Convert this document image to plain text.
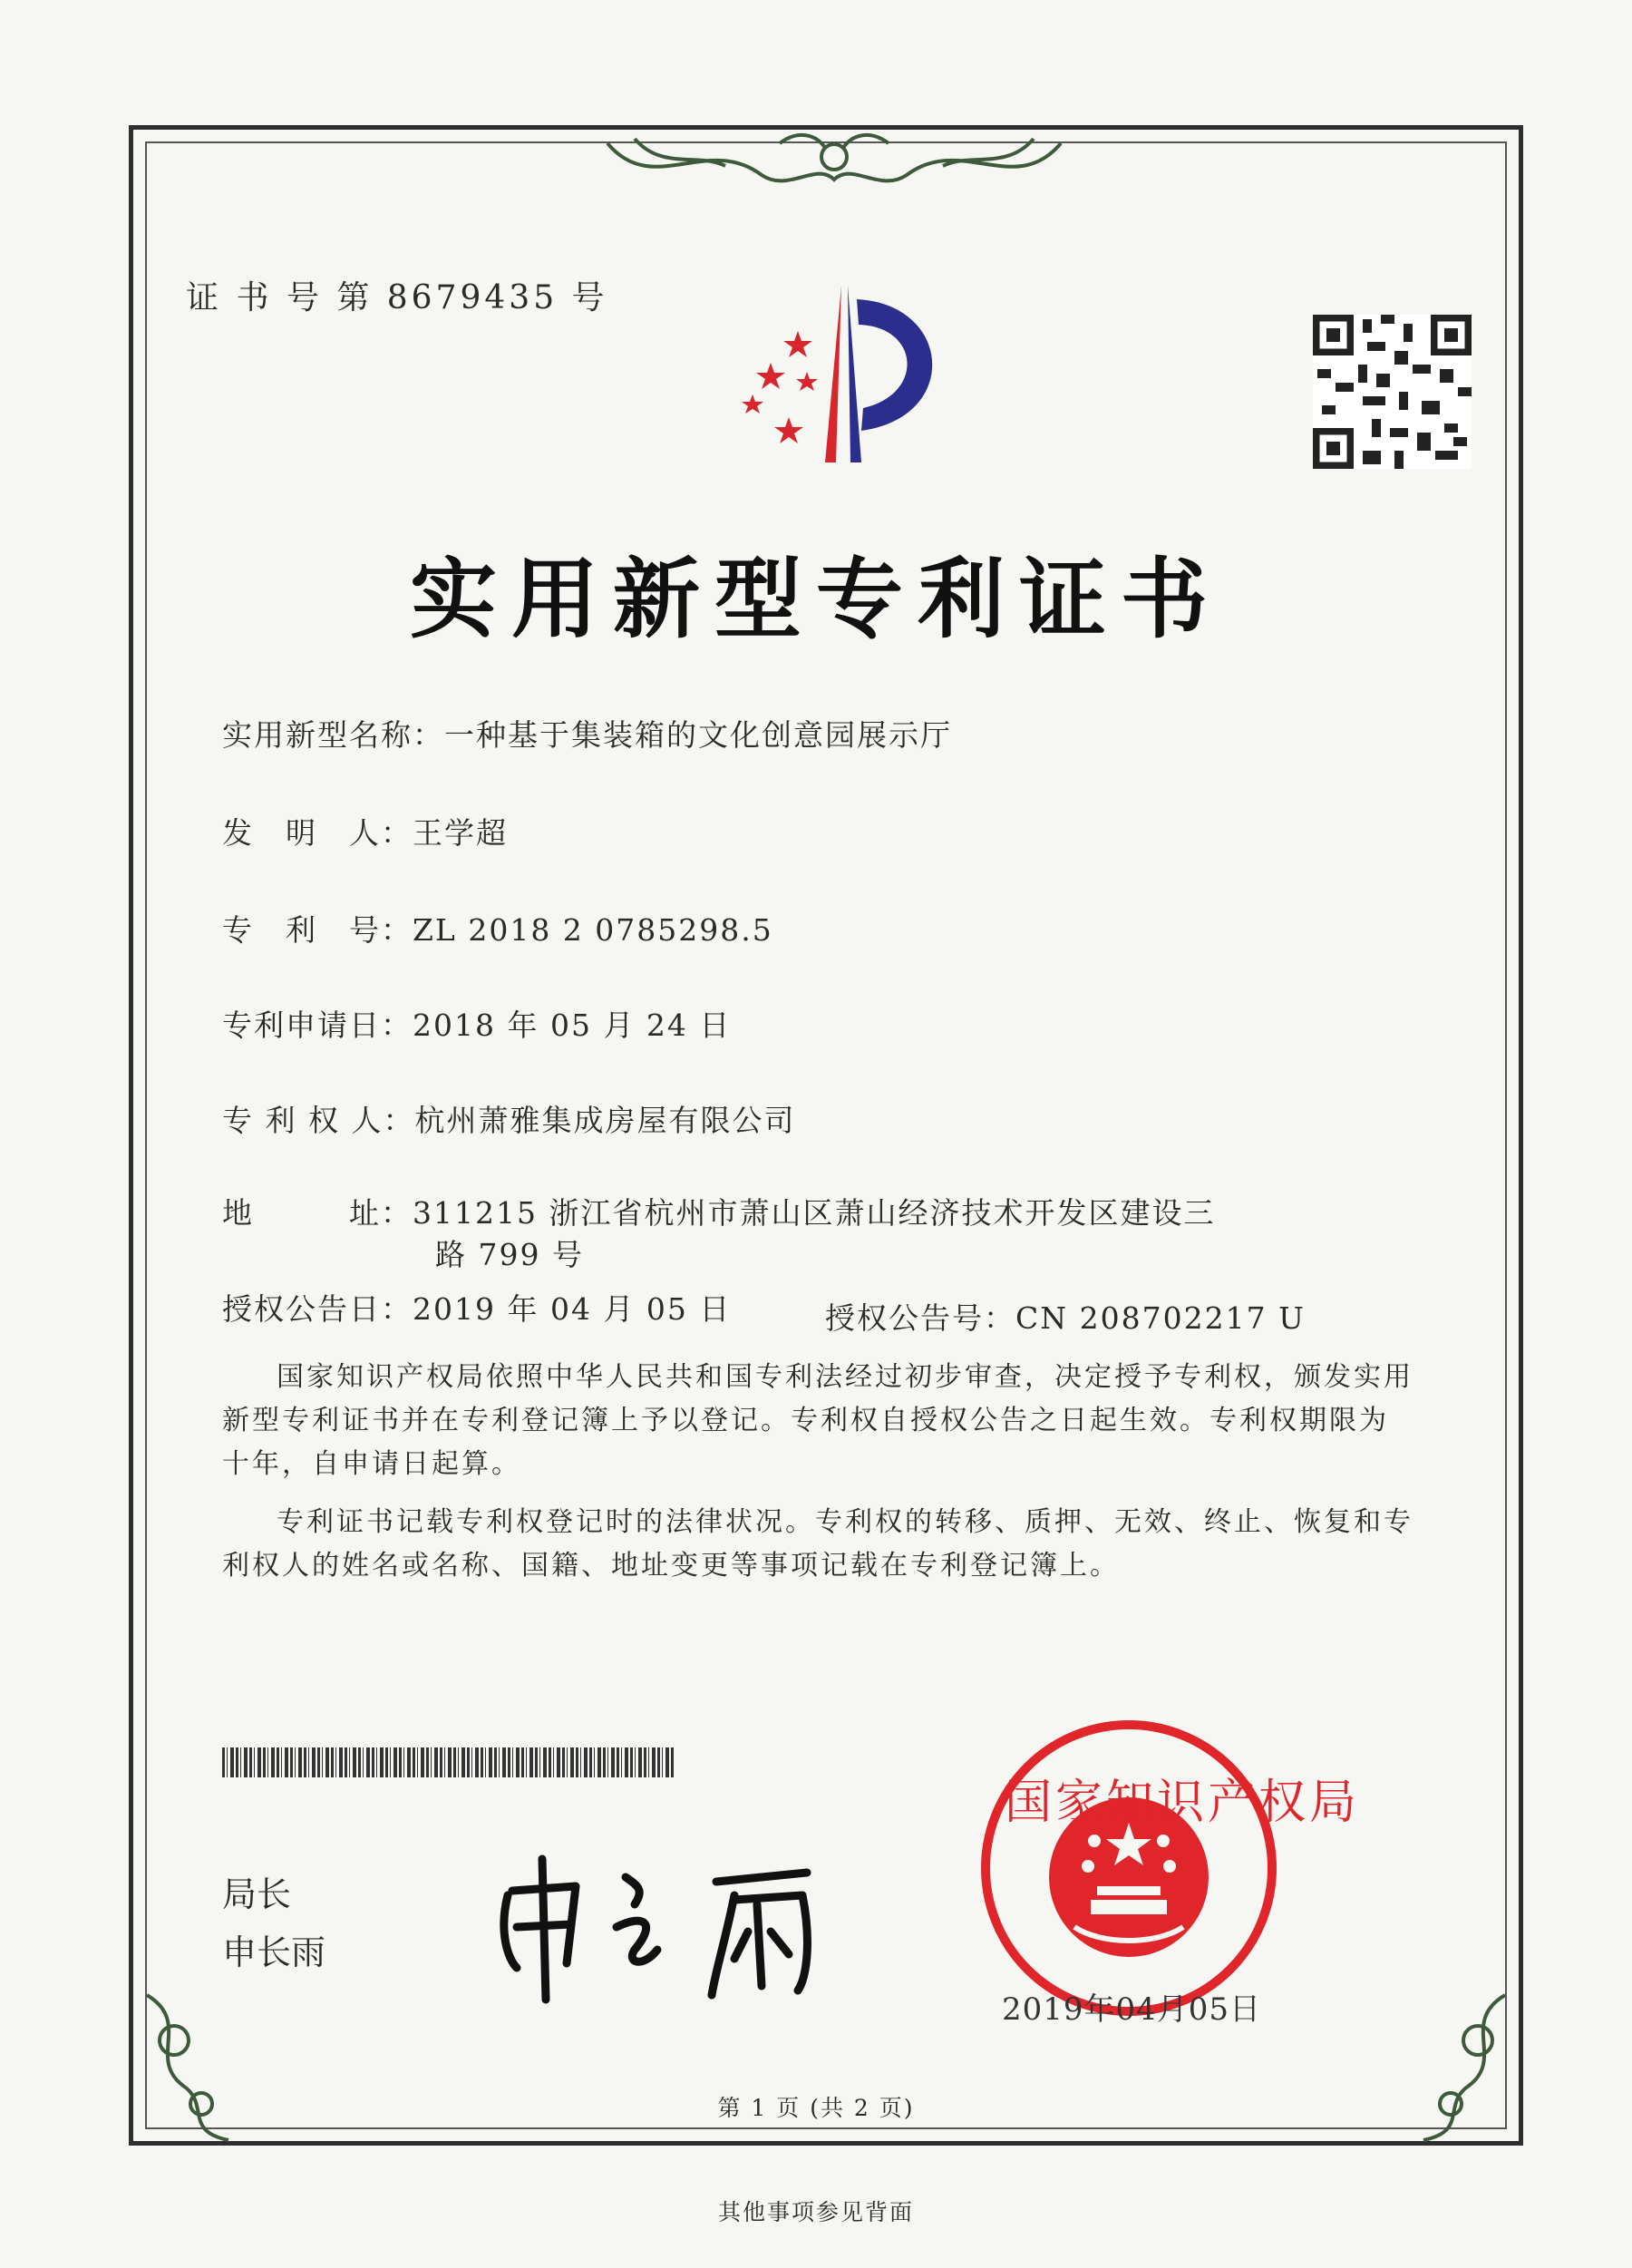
证 书 号 第 8679435 号
实用新型专利证书
实用新型名称：一种基于集装箱的文化创意园展示厅
发　明　人：王学超
专　利　号：ZL 2018 2 0785298.5
专利申请日：2018 年 05 月 24 日
专 利 权 人：杭州萧雅集成房屋有限公司
地　　　址：311215 浙江省杭州市萧山区萧山经济技术开发区建设三
路 799 号
授权公告日：2019 年 04 月 05 日	授权公告号：CN 208702217 U
国家知识产权局依照中华人民共和国专利法经过初步审查，决定授予专利权，颁发实用新型专利证书并在专利登记簿上予以登记。专利权自授权公告之日起生效。专利权期限为十年，自申请日起算。
专利证书记载专利权登记时的法律状况。专利权的转移、质押、无效、终止、恢复和专利权人的姓名或名称、国籍、地址变更等事项记载在专利登记簿上。
局长
申长雨
国家知识产权局
2019年04月05日
第 1 页 (共 2 页)
其他事项参见背面
